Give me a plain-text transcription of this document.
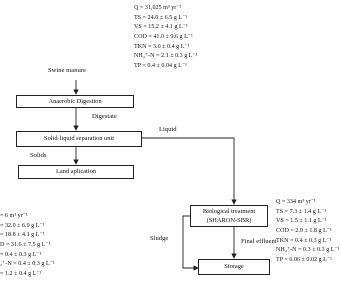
Q = 31,025 m³ yr⁻¹
TS = 24.0 ± 6.5 g L⁻¹
VS = 15.2 ± 4.1 g L⁻¹
COD = 41.0 ± 9.6 g L⁻¹
TKN = 3.0 ± 0.4 g L⁻¹
NH₄⁺-N = 2.1 ± 0.3 g L⁻¹
TP = 0.4 ± 0.04 g L⁻¹
Swine manure
Anaerobic Digestion
Digestate
Liquid
Solid-liquid separation unit
Solids
Land aplication
= 6 m³ yr⁻¹
= 32.0 ± 6.9 g L⁻¹
= 18.8 ± 4.1 g L⁻¹
D = 31.6 ± 7.5 g L⁻¹
= 0.4 ± 0.3 g L⁻¹
₄⁺-N = 0.4 ± 0.3 g L⁻¹
= 1.2 ± 0.4 g L⁻¹
Biological treatment
(SHARON-SBR)
Sludge	Final effluent
Storage
Q = 334 m³ yr⁻¹
TS = 7.3 ± 1.4 g L⁻¹
VS = 1.5 ± 1.1 g L⁻¹
COD = 2.9 ± 1.8 g L⁻¹
TKN = 0.4 ± 0.3 g L⁻¹
NH₄⁺-N = 0.3 ± 0.3 g L⁻¹
TP = 0.06 ± 0.02 g L⁻¹
